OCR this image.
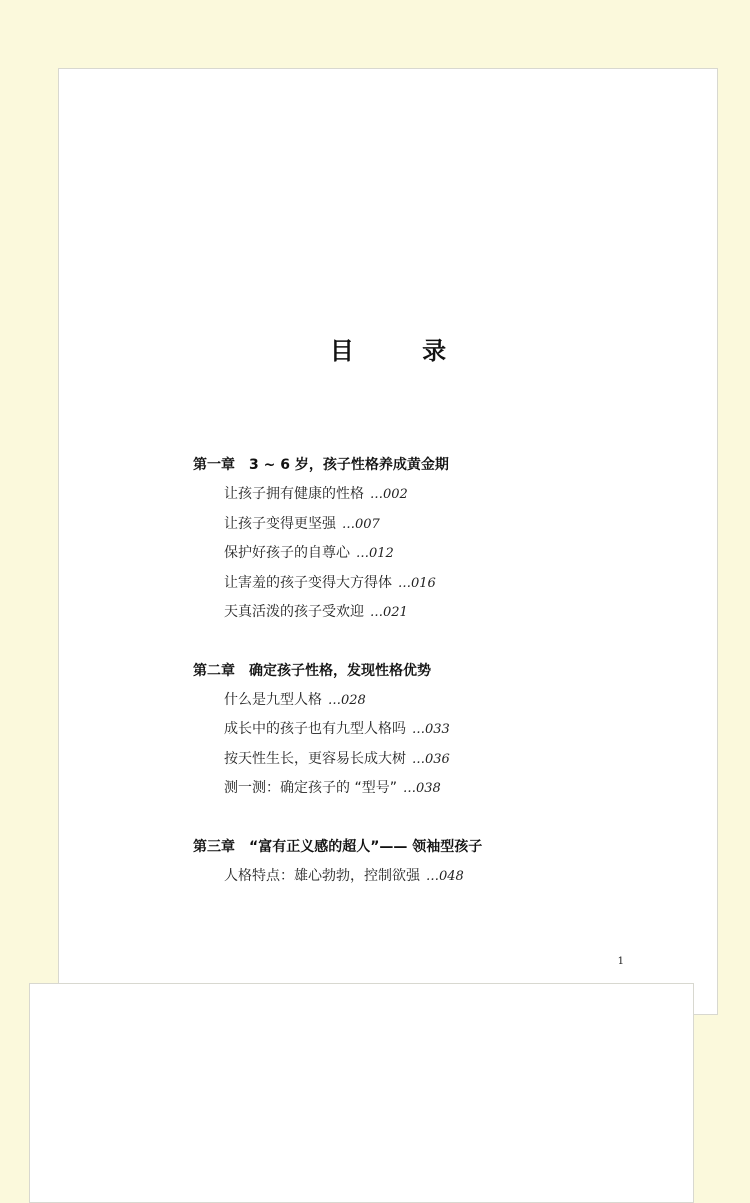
目 录
第一章 3 ~ 6 岁，孩子性格养成黄金期
让孩子拥有健康的性格 …002
让孩子变得更坚强 …007
保护好孩子的自尊心 …012
让害羞的孩子变得大方得体 …016
天真活泼的孩子受欢迎 …021
第二章 确定孩子性格，发现性格优势
什么是九型人格 …028
成长中的孩子也有九型人格吗 …033
按天性生长，更容易长成大树 …036
测一测：确定孩子的 “型号” …038
第三章 “富有正义感的超人”—— 领袖型孩子
人格特点：雄心勃勃，控制欲强 …048
1
